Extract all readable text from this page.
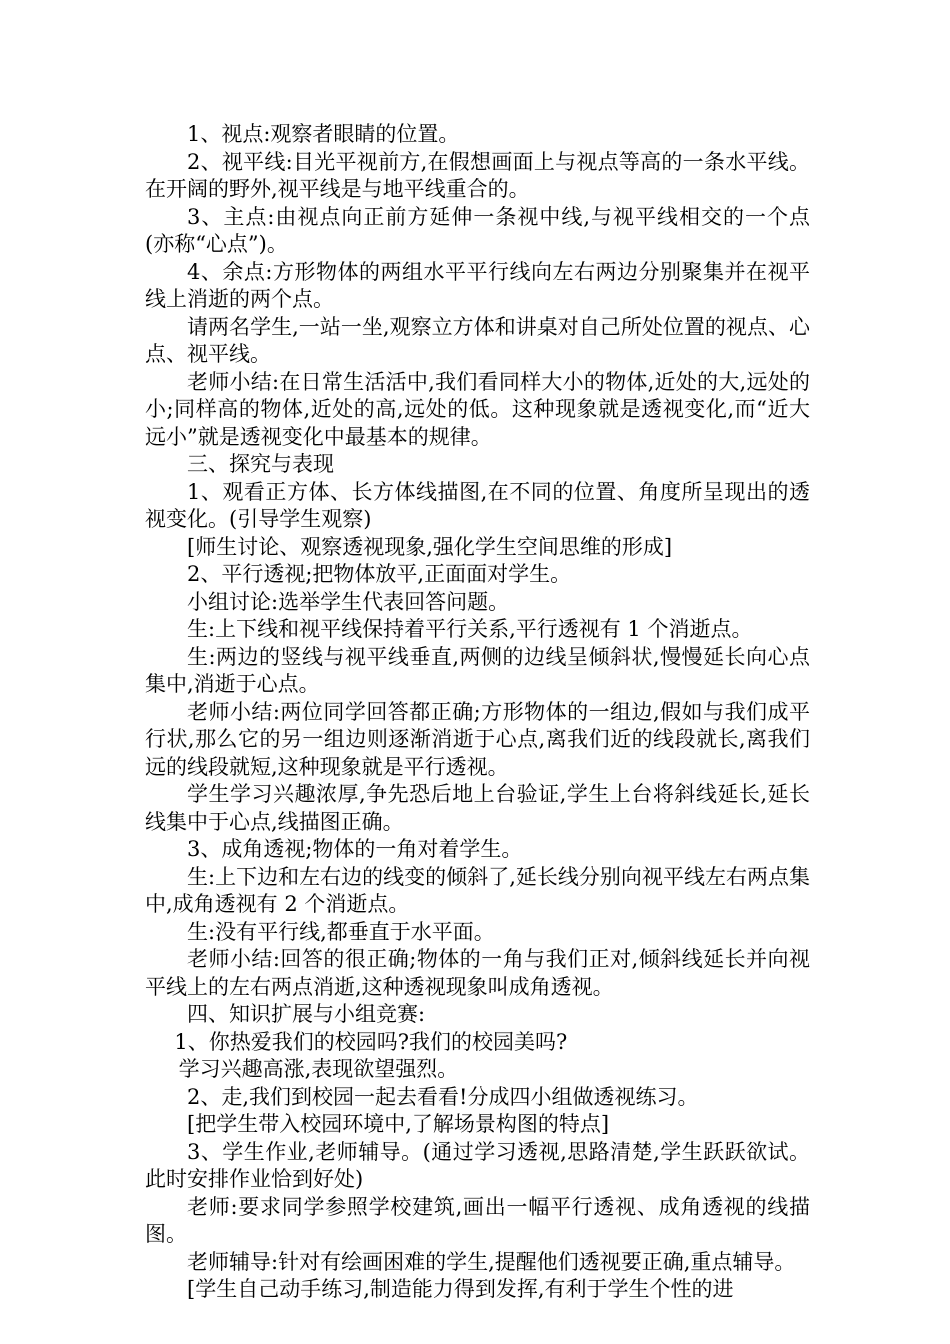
1、视点:观察者眼睛的位置。

2、视平线:目光平视前方,在假想画面上与视点等高的一条水平线。在开阔的野外,视平线是与地平线重合的。

3、主点:由视点向正前方延伸一条视中线,与视平线相交的一个点(亦称“心点”)。

4、余点:方形物体的两组水平平行线向左右两边分别聚集并在视平线上消逝的两个点。

请两名学生,一站一坐,观察立方体和讲桌对自己所处位置的视点、心点、视平线。

老师小结:在日常生活活中,我们看同样大小的物体,近处的大,远处的小;同样高的物体,近处的高,远处的低。这种现象就是透视变化,而“近大远小”就是透视变化中最基本的规律。

三、探究与表现

1、观看正方体、长方体线描图,在不同的位置、角度所呈现出的透视变化。(引导学生观察)

[师生讨论、观察透视现象,强化学生空间思维的形成]

2、平行透视;把物体放平,正面面对学生。

小组讨论:选举学生代表回答问题。

生:上下线和视平线保持着平行关系,平行透视有 1 个消逝点。

生:两边的竖线与视平线垂直,两侧的边线呈倾斜状,慢慢延长向心点集中,消逝于心点。

老师小结:两位同学回答都正确;方形物体的一组边,假如与我们成平行状,那么它的另一组边则逐渐消逝于心点,离我们近的线段就长,离我们远的线段就短,这种现象就是平行透视。

学生学习兴趣浓厚,争先恐后地上台验证,学生上台将斜线延长,延长线集中于心点,线描图正确。

3、成角透视;物体的一角对着学生。

生:上下边和左右边的线变的倾斜了,延长线分别向视平线左右两点集中,成角透视有 2 个消逝点。

生:没有平行线,都垂直于水平面。

老师小结:回答的很正确;物体的一角与我们正对,倾斜线延长并向视平线上的左右两点消逝,这种透视现象叫成角透视。

四、知识扩展与小组竞赛:

1、你热爱我们的校园吗?我们的校园美吗?

学习兴趣高涨,表现欲望强烈。

2、走,我们到校园一起去看看!分成四小组做透视练习。

[把学生带入校园环境中,了解场景构图的特点]

3、学生作业,老师辅导。(通过学习透视,思路清楚,学生跃跃欲试。此时安排作业恰到好处)

老师:要求同学参照学校建筑,画出一幅平行透视、成角透视的线描图。

老师辅导:针对有绘画困难的学生,提醒他们透视要正确,重点辅导。

[学生自己动手练习,制造能力得到发挥,有利于学生个性的进
